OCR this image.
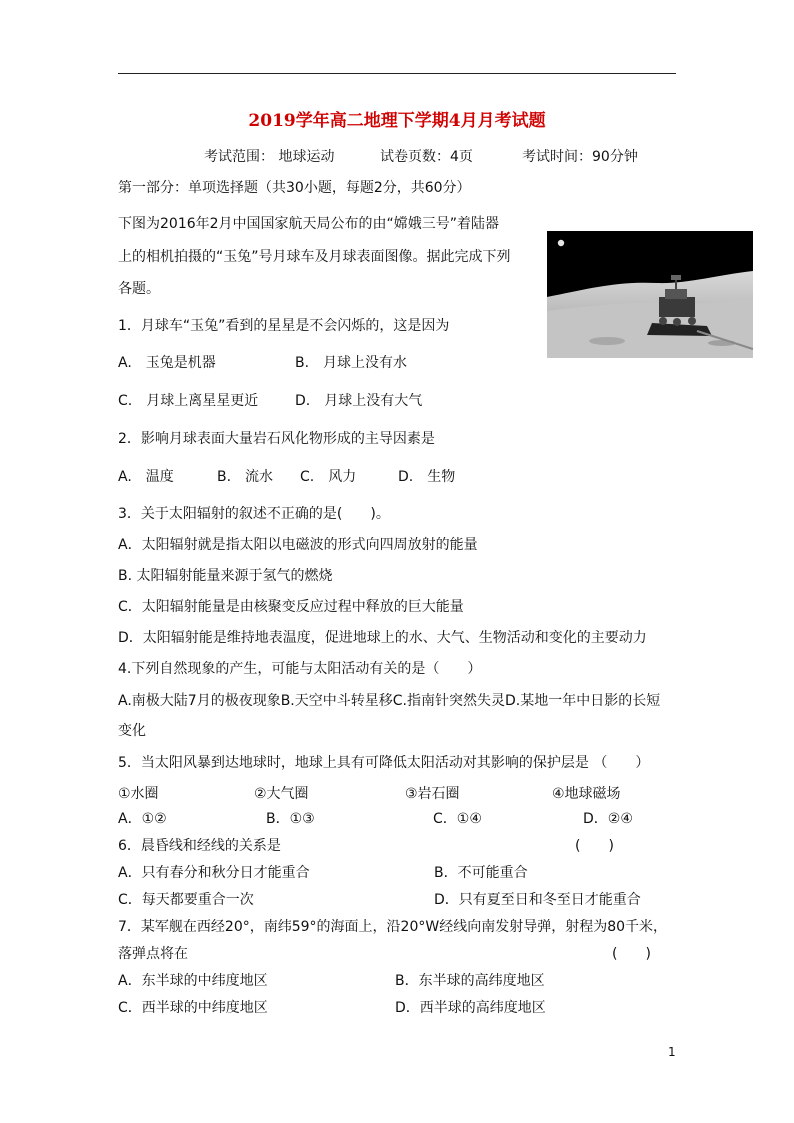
2019学年高二地理下学期4月月考试题
考试范围： 地球运动	试卷页数：4页	考试时间：90分钟
第一部分：单项选择题（共30小题，每题2分，共60分）
下图为2016年2月中国国家航天局公布的由“嫦娥三号”着陆器
上的相机拍摄的“玉兔”号月球车及月球表面图像。据此完成下列
各题。
1．月球车“玉兔”看到的星星是不会闪烁的，这是因为
A.　玉兔是机器	B.　月球上没有水
C.　月球上离星星更近	D.　月球上没有大气
2．影响月球表面大量岩石风化物形成的主导因素是
A.　温度	B.　流水 C.　风力	D.　生物
3．关于太阳辐射的叙述不正确的是(　　)。
A．太阳辐射就是指太阳以电磁波的形式向四周放射的能量
B. 太阳辐射能量来源于氢气的燃烧
C．太阳辐射能量是由核聚变反应过程中释放的巨大能量
D．太阳辐射能是维持地表温度，促进地球上的水、大气、生物活动和变化的主要动力
4.下列自然现象的产生，可能与太阳活动有关的是（　　）
A.南极大陆7月的极夜现象B.天空中斗转星移C.指南针突然失灵D.某地一年中日影的长短
变化
5．当太阳风暴到达地球时，地球上具有可降低太阳活动对其影响的保护层是 （　　）
①水圈	②大气圈	③岩石圈	④地球磁场
A．①②	B．①③	C．①④	D．②④
6．晨昏线和经线的关系是	(　　)
A．只有春分和秋分日才能重合	B．不可能重合
C．每天都要重合一次	D．只有夏至日和冬至日才能重合
7．某军舰在西经20°，南纬59°的海面上，沿20°W经线向南发射导弹，射程为80千米，
落弹点将在	(　　)
A．东半球的中纬度地区	B．东半球的高纬度地区
C．西半球的中纬度地区	D．西半球的高纬度地区
1
